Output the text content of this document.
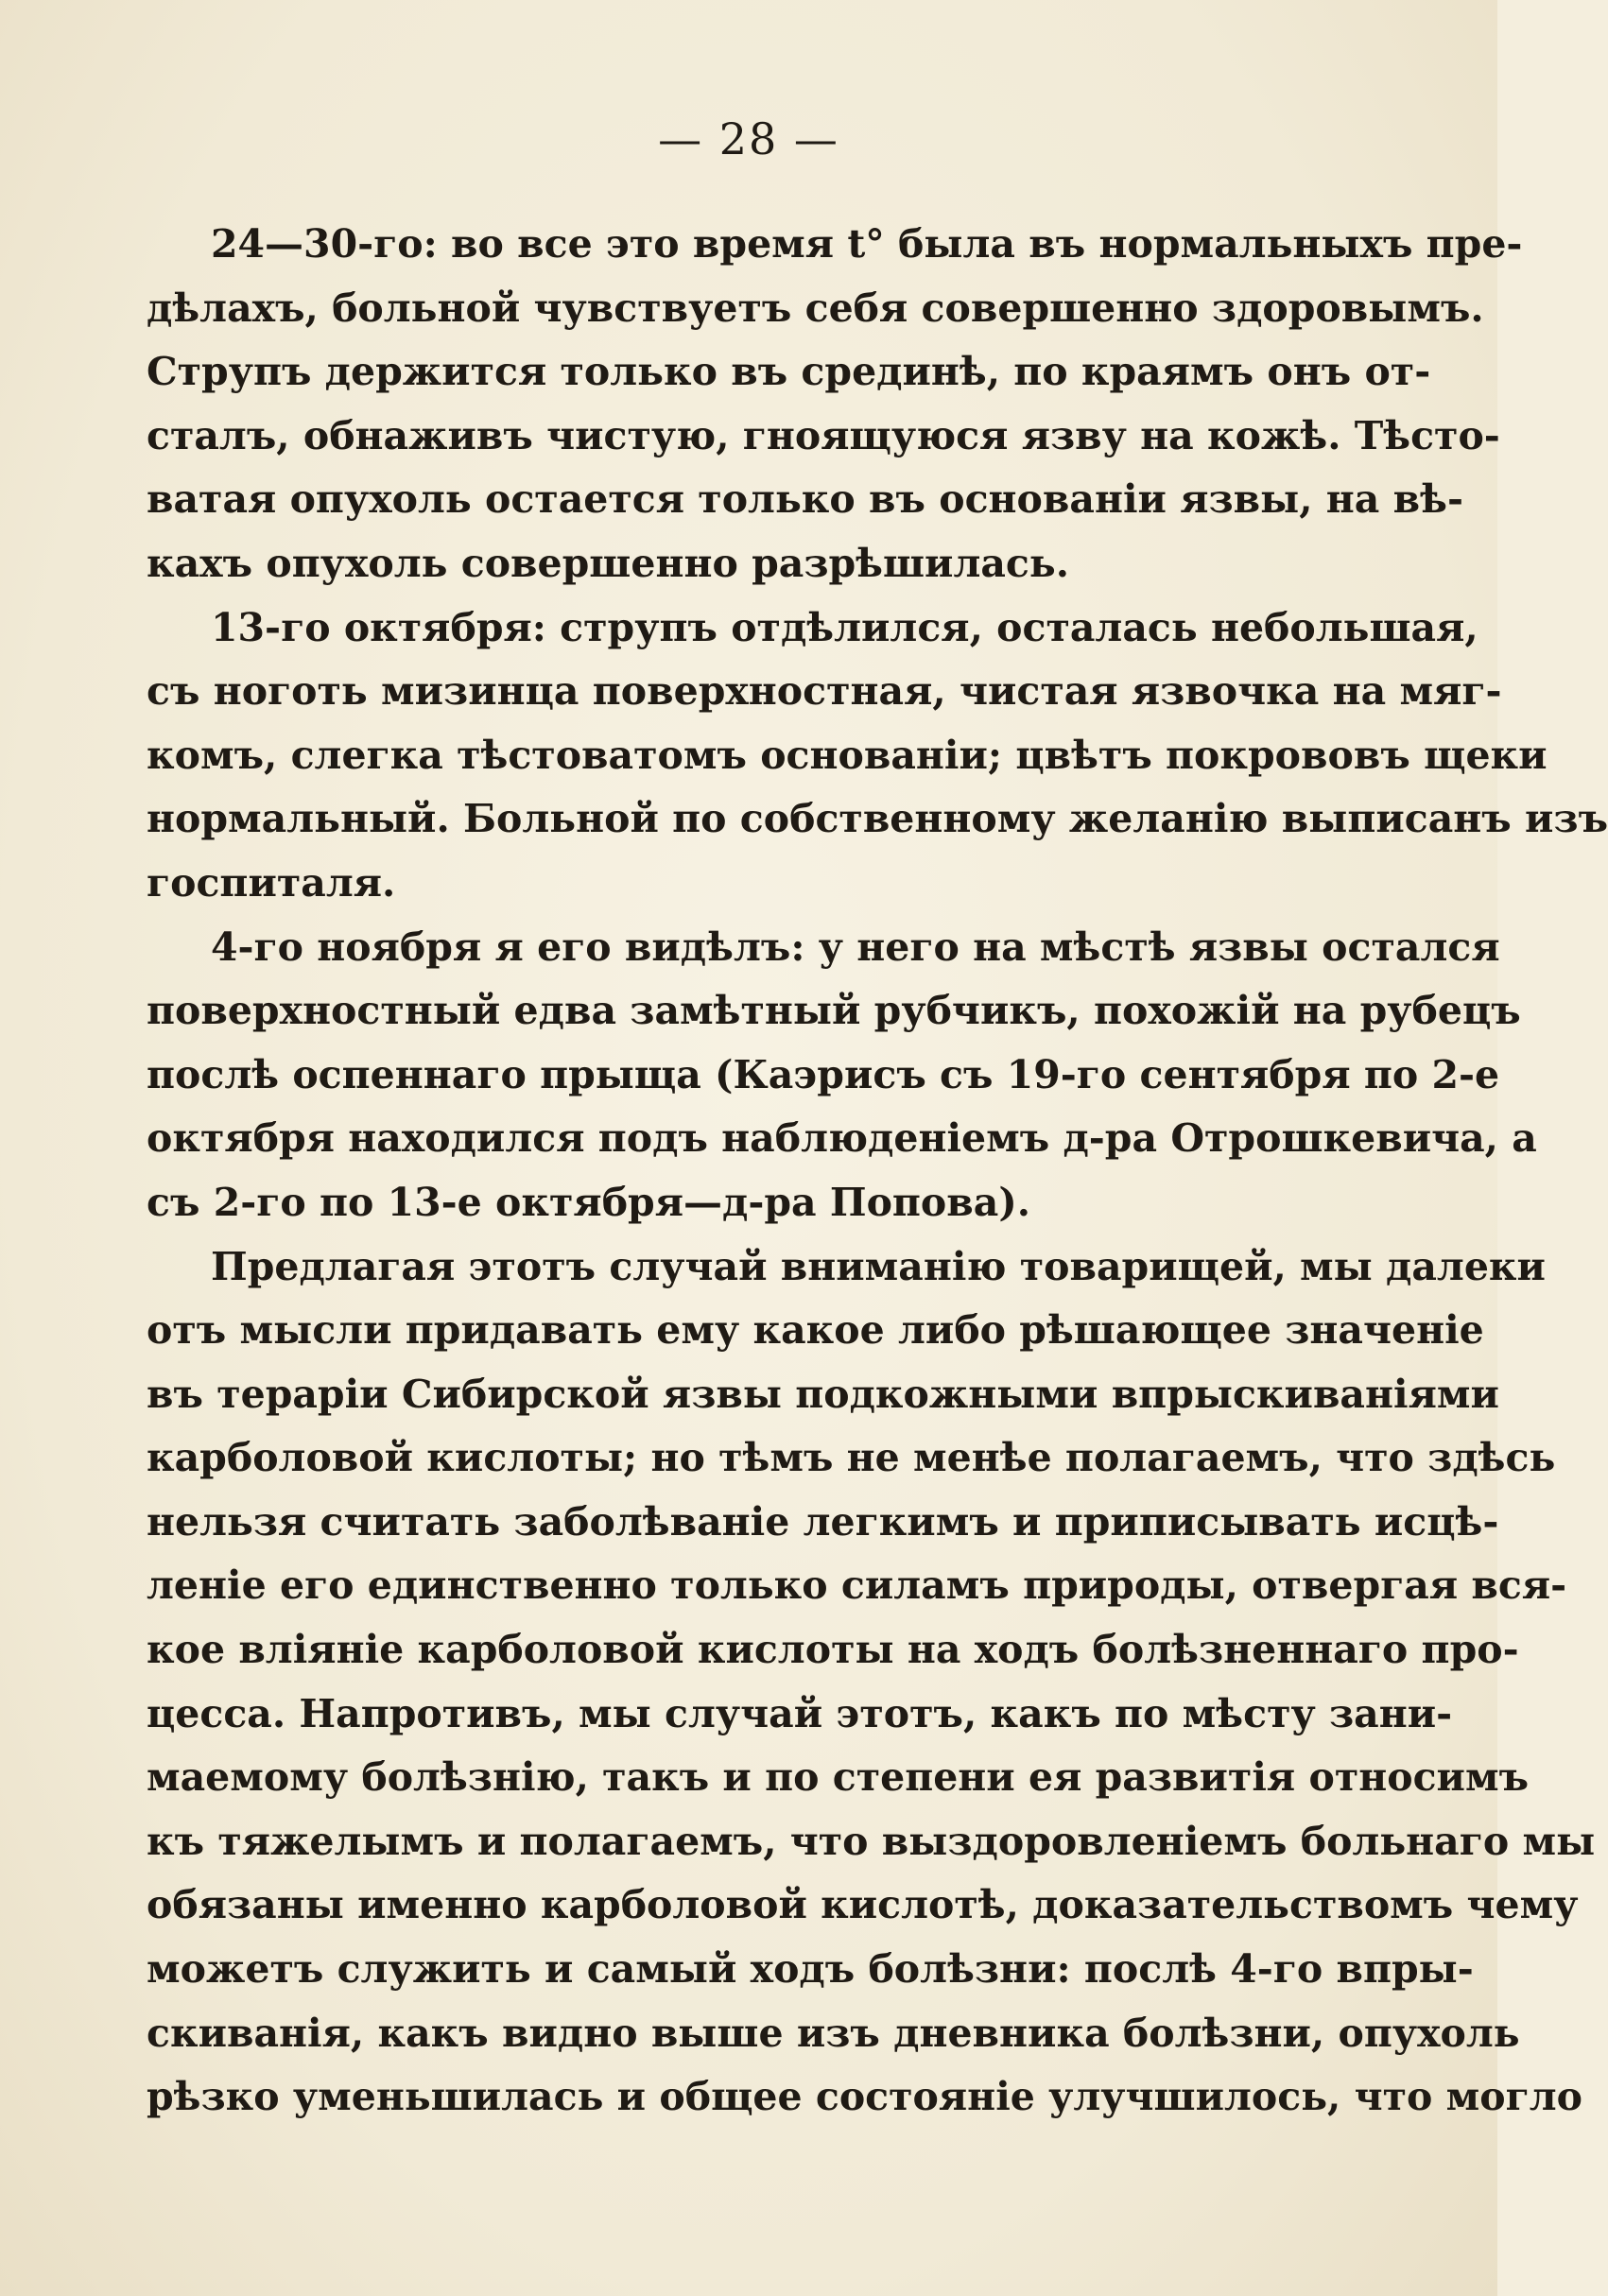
— 28 —
24—30-го: во все это время t° была въ нормальныхъ пре-
дѣлахъ, больной чувствуетъ себя совершенно здоровымъ.
Струпъ держится только въ срединѣ, по краямъ онъ от-
сталъ, обнаживъ чистую, гноящуюся язву на кожѣ. Тѣсто-
ватая опухоль остается только въ основаніи язвы, на вѣ-
кахъ опухоль совершенно разрѣшилась.
13-го октября: струпъ отдѣлился, осталась небольшая,
съ ноготь мизинца поверхностная, чистая язвочка на мяг-
комъ, слегка тѣстоватомъ основаніи; цвѣтъ покрововъ щеки
нормальный. Больной по собственному желанію выписанъ изъ
госпиталя.
4-го ноября я его видѣлъ: у него на мѣстѣ язвы остался
поверхностный едва замѣтный рубчикъ, похожій на рубецъ
послѣ оспеннаго прыща (Каэрисъ съ 19-го сентября по 2-е
октября находился подъ наблюденіемъ д-ра Отрошкевича, а
съ 2-го по 13-е октября—д-ра Попова).
Предлагая этотъ случай вниманію товарищей, мы далеки
отъ мысли придавать ему какое либо рѣшающее значеніе
въ тераріи Сибирской язвы подкожными впрыскиваніями
карболовой кислоты; но тѣмъ не менѣе полагаемъ, что здѣсь
нельзя считать заболѣваніе легкимъ и приписывать исцѣ-
леніе его единственно только силамъ природы, отвергая вся-
кое вліяніе карболовой кислоты на ходъ болѣзненнаго про-
цесса. Напротивъ, мы случай этотъ, какъ по мѣсту зани-
маемому болѣзнію, такъ и по степени ея развитія относимъ
къ тяжелымъ и полагаемъ, что выздоровленіемъ больнаго мы
обязаны именно карболовой кислотѣ, доказательствомъ чему
можетъ служить и самый ходъ болѣзни: послѣ 4-го впры-
скиванія, какъ видно выше изъ дневника болѣзни, опухоль
рѣзко уменьшилась и общее состояніе улучшилось, что могло
